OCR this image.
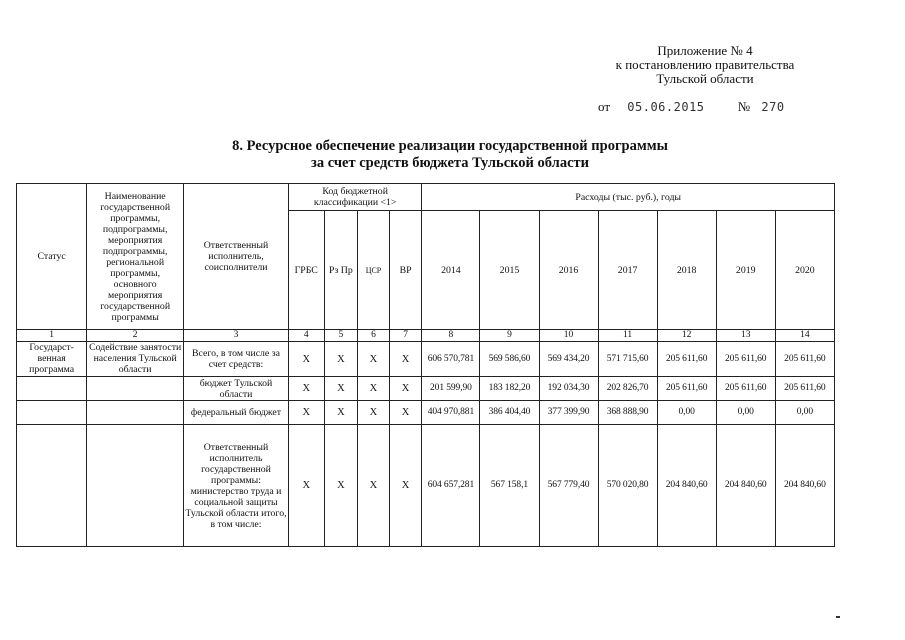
Приложение № 4
к постановлению правительства
Тульской области
от 05.06.2015	№ 270
8. Ресурсное обеспечение реализации государственной программы
за счет средств бюджета Тульской области
Статус	Наименование государственной программы, подпрограммы, мероприятия подпрограммы, региональной программы, основного мероприятия государственной программы	Ответственный исполнитель, соисполнители	Код бюджетной классификации <1>				Расходы (тыс. руб.), годы						
			ГРБС	Рз Пр	ЦСР	ВР	2014	2015	2016	2017	2018	2019	2020
1	2	3	4	5	6	7	8	9	10	11	12	13	14
Государст-венная программа	Содействие занятости населения Тульской области	Всего, в том числе за счет средств:	Х	Х	Х	Х	606 570,781	569 586,60	569 434,20	571 715,60	205 611,60	205 611,60	205 611,60
		бюджет Тульской области	Х	Х	Х	Х	201 599,90	183 182,20	192 034,30	202 826,70	205 611,60	205 611,60	205 611,60
		федеральный бюджет	Х	Х	Х	Х	404 970,881	386 404,40	377 399,90	368 888,90	0,00	0,00	0,00
		Ответственный исполнитель государственной программы: министерство труда и социальной защиты Тульской области итого, в том числе:	Х	Х	Х	Х	604 657,281	567 158,1	567 779,40	570 020,80	204 840,60	204 840,60	204 840,60
